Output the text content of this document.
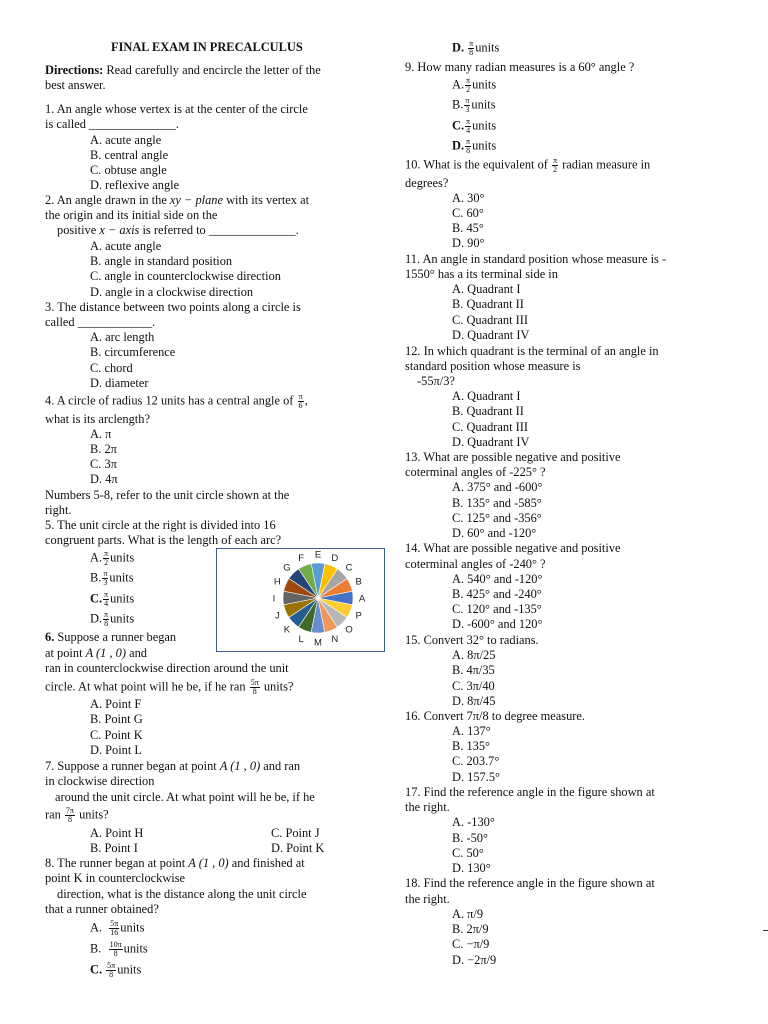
FINAL EXAM IN PRECALCULUS
Directions: Read carefully and encircle the letter of the
best answer.
1. An angle whose vertex is at the center of the circle
is called ______________.
A. acute angle
B. central angle
C. obtuse angle
D. reflexive angle
2. An angle drawn in the xy − plane with its vertex at
the origin and its initial side on the
positive x − axis is referred to ______________.
A. acute angle
B. angle in standard position
C. angle in counterclockwise direction
D. angle in a clockwise direction
3. The distance between two points along a circle is
called ____________.
A. arc length
B. circumference
C. chord
D. diameter
4. A circle of radius 12 units has a central angle of $\frac{\pi}{6}$ ,
what is its arclength?
A. π
B. 2π
C. 3π
D. 4π
Numbers 5-8, refer to the unit circle shown at the
right.
5. The unit circle at the right is divided into 16
congruent parts. What is the length of each arc?
A. $\frac{\pi}{2}$ units
B. $\frac{\pi}{3}$ units
C. $\frac{\pi}{4}$ units
D. $\frac{\pi}{8}$ units
6. Suppose a runner began
at point A (1 , 0) and
ran in counterclockwise direction around the unit
circle. At what point will he be, if he ran $\frac{5\pi}{8}$ units?
A. Point F
B. Point G
C. Point K
D. Point L
7. Suppose a runner began at point A (1 , 0) and ran
in clockwise direction
around the unit circle. At what point will he be, if he
ran $\frac{7\pi}{8}$ units?
A. Point H	C. Point J
B. Point I	D. Point K
8. The runner began at point A (1 , 0) and finished at
point K in counterclockwise
direction, what is the distance along the unit circle
that a runner obtained?
A. $\frac{5\pi}{16}$ units
B. $\frac{10\pi}{8}$ units
C. $\frac{5\pi}{8}$ units
A
B
C
D
E
F
G
H
I
J
K
L M N
O
P
D. $\frac{\pi}{8}$ units
9. How many radian measures is a 60° angle ?
A. $\frac{\pi}{2}$ units
B. $\frac{\pi}{3}$ units
C. $\frac{\pi}{4}$ units
D. $\frac{\pi}{8}$ units
10. What is the equivalent of $\frac{\pi}{2}$ radian measure in
degrees?
A. 30°
C. 60°
B. 45°
D. 90°
11. An angle in standard position whose measure is -
1550° has a its terminal side in
A. Quadrant I
B. Quadrant II
C. Quadrant III
D. Quadrant IV
12. In which quadrant is the terminal of an angle in
standard position whose measure is
-55π/3?
A. Quadrant I
B. Quadrant II
C. Quadrant III
D. Quadrant IV
13. What are possible negative and positive
coterminal angles of -225° ?
A. 375° and -600°
B. 135° and -585°
C. 125° and -356°
D. 60° and -120°
14. What are possible negative and positive
coterminal angles of -240° ?
A. 540° and -120°
B. 425° and -240°
C. 120° and -135°
D. -600° and 120°
15. Convert 32° to radians.
A. 8π/25
B. 4π/35
C. 3π/40
D. 8π/45
16. Convert 7π/8 to degree measure.
A. 137°
B. 135°
C. 203.7°
D. 157.5°
17. Find the reference angle in the figure shown at
the right.
A. -130°
B. -50°
C. 50°
D. 130°
18. Find the reference angle in the figure shown at
the right.
A. π/9
B. 2π/9
C. −π/9
D. −2π/9
